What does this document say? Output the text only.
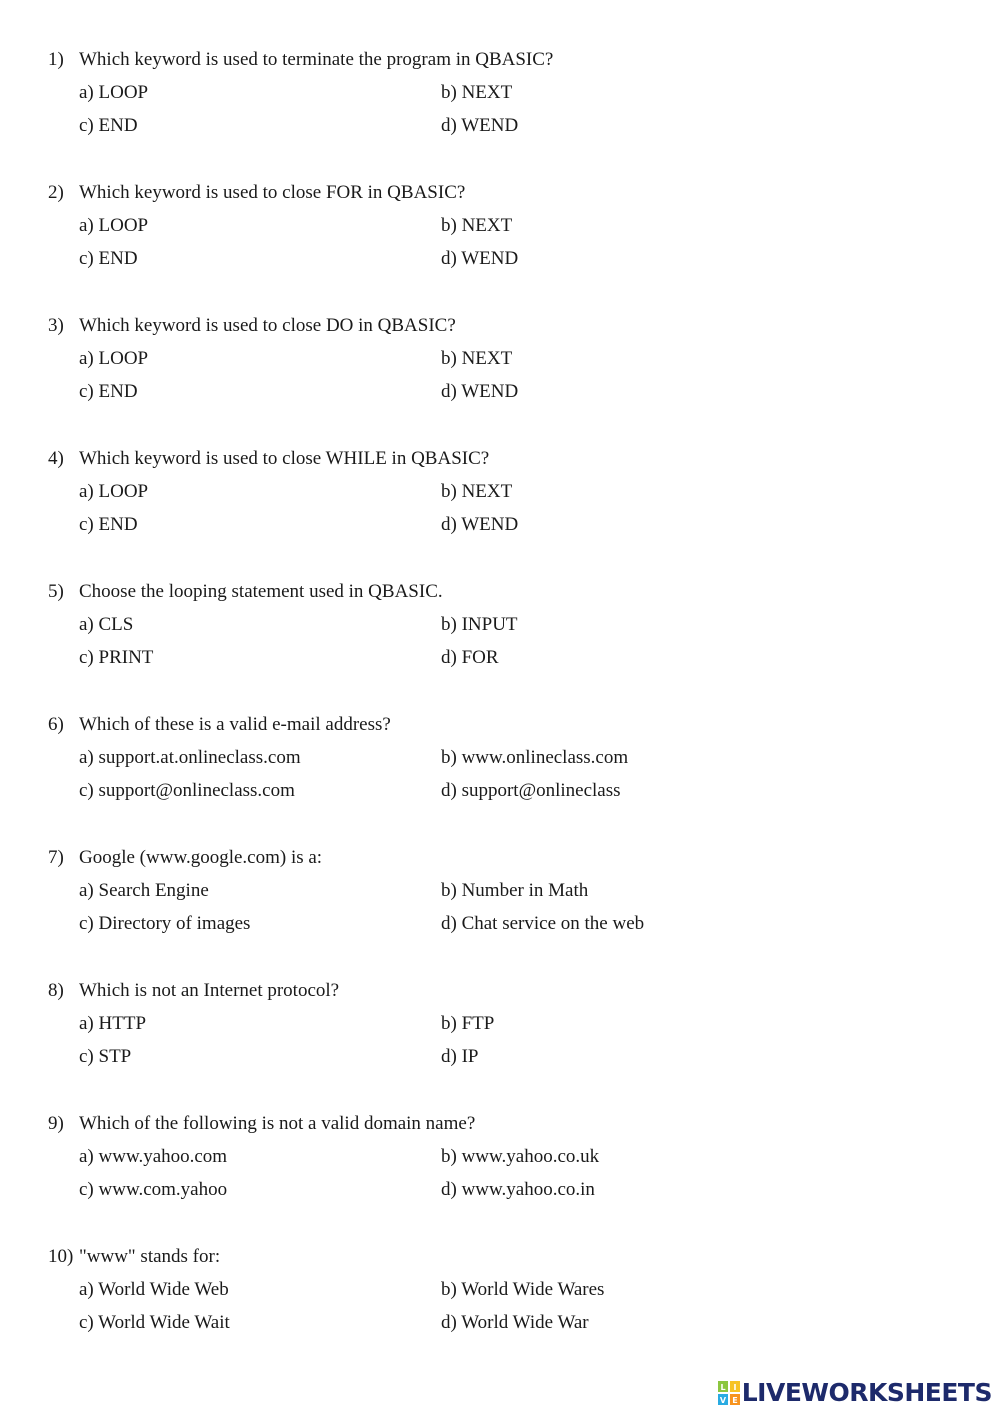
1) Which keyword is used to terminate the program in QBASIC?
a) LOOP	b) NEXT
c) END	d) WEND
2) Which keyword is used to close FOR in QBASIC?
a) LOOP	b) NEXT
c) END	d) WEND
3) Which keyword is used to close DO in QBASIC?
a) LOOP	b) NEXT
c) END	d) WEND
4) Which keyword is used to close WHILE in QBASIC?
a) LOOP	b) NEXT
c) END	d) WEND
5) Choose the looping statement used in QBASIC.
a) CLS	b) INPUT
c) PRINT	d) FOR
6) Which of these is a valid e-mail address?
a) support.at.onlineclass.com	b) www.onlineclass.com
c) support@onlineclass.com	d) support@onlineclass
7) Google (www.google.com) is a:
a) Search Engine	b) Number in Math
c) Directory of images	d) Chat service on the web
8) Which is not an Internet protocol?
a) HTTP	b) FTP
c) STP	d) IP
9) Which of the following is not a valid domain name?
a) www.yahoo.com	b) www.yahoo.co.uk
c) www.com.yahoo	d) www.yahoo.co.in
10) "www" stands for:
a) World Wide Web	b) World Wide Wares
c) World Wide Wait	d) World Wide War
L I
V E LIVEWORKSHEETS
